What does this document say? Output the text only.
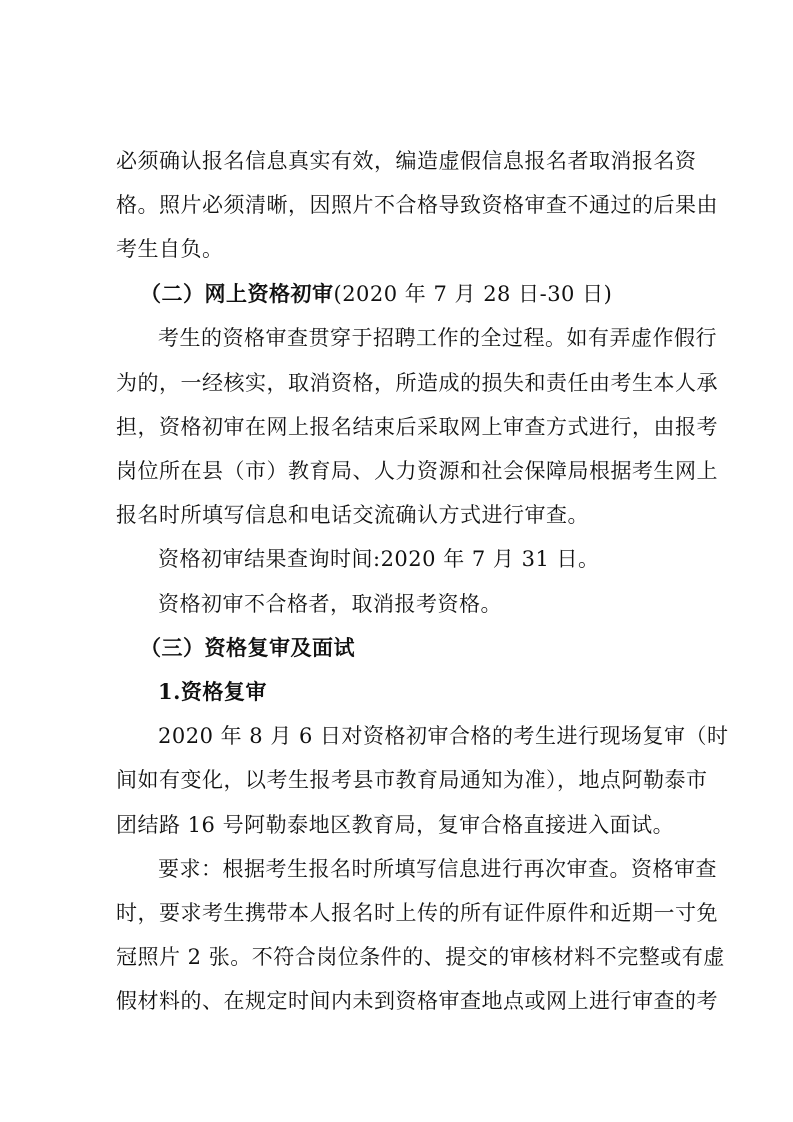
必须确认报名信息真实有效，编造虚假信息报名者取消报名资
格。照片必须清晰，因照片不合格导致资格审查不通过的后果由
考生自负。
（二）网上资格初审(2020 年 7 月 28 日-30 日)
考生的资格审查贯穿于招聘工作的全过程。如有弄虚作假行
为的，一经核实，取消资格，所造成的损失和责任由考生本人承
担，资格初审在网上报名结束后采取网上审查方式进行，由报考
岗位所在县（市）教育局、人力资源和社会保障局根据考生网上
报名时所填写信息和电话交流确认方式进行审查。
资格初审结果查询时间:2020 年 7 月 31 日。
资格初审不合格者，取消报考资格。
（三）资格复审及面试
1.资格复审
2020 年 8 月 6 日对资格初审合格的考生进行现场复审（时
间如有变化，以考生报考县市教育局通知为准），地点阿勒泰市
团结路 16 号阿勒泰地区教育局，复审合格直接进入面试。
要求：根据考生报名时所填写信息进行再次审查。资格审查
时，要求考生携带本人报名时上传的所有证件原件和近期一寸免
冠照片 2 张。不符合岗位条件的、提交的审核材料不完整或有虚
假材料的、在规定时间内未到资格审查地点或网上进行审查的考
